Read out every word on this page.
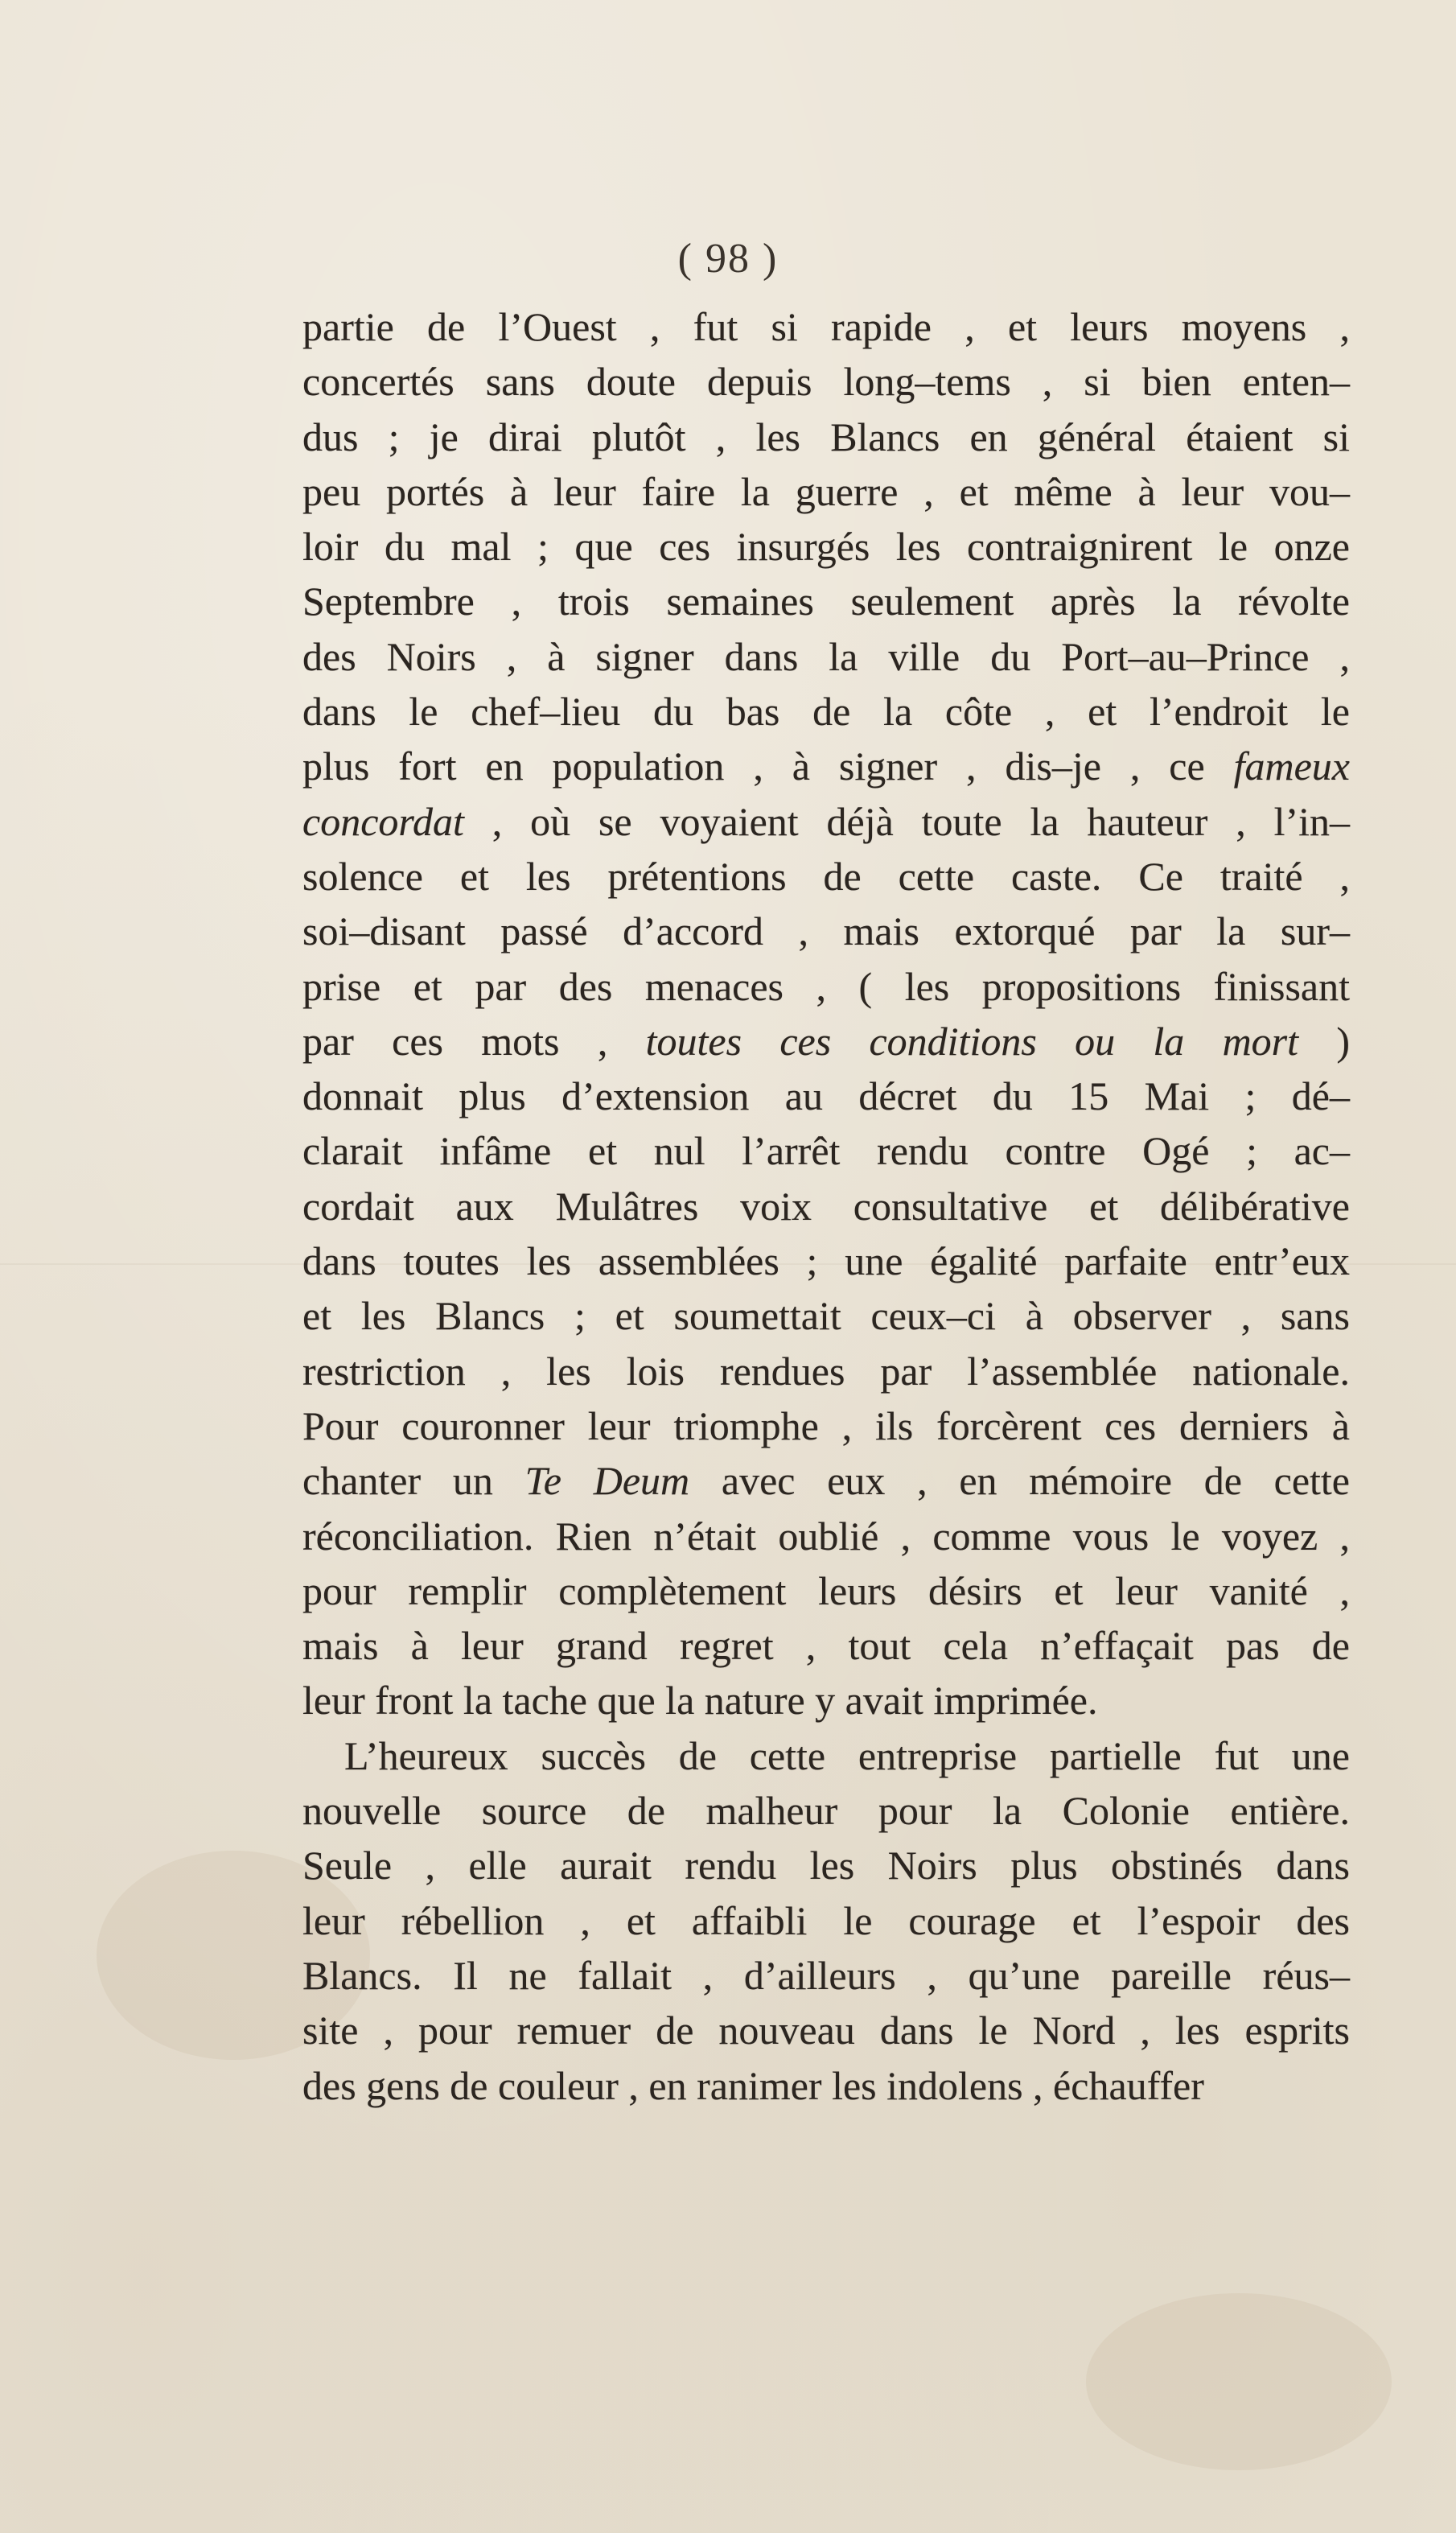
( 98 )
partie de l’Ouest , fut si rapide , et leurs moyens ,
concertés sans doute depuis long–tems , si bien enten–
dus ; je dirai plutôt , les Blancs en général étaient si
peu portés à leur faire la guerre , et même à leur vou–
loir du mal ; que ces insurgés les contraignirent le onze
Septembre , trois semaines seulement après la révolte
des Noirs , à signer dans la ville du Port–au–Prince ,
dans le chef–lieu du bas de la côte , et l’endroit le
plus fort en population , à signer , dis–je , ce fameux
concordat , où se voyaient déjà toute la hauteur , l’in–
solence et les prétentions de cette caste. Ce traité ,
soi–disant passé d’accord , mais extorqué par la sur–
prise et par des menaces , ( les propositions finissant
par ces mots , toutes ces conditions ou la mort )
donnait plus d’extension au décret du 15 Mai ; dé–
clarait infâme et nul l’arrêt rendu contre Ogé ; ac–
cordait aux Mulâtres voix consultative et délibérative
dans toutes les assemblées ; une égalité parfaite entr’eux
et les Blancs ; et soumettait ceux–ci à observer , sans
restriction , les lois rendues par l’assemblée nationale.
Pour couronner leur triomphe , ils forcèrent ces derniers à
chanter un Te Deum avec eux , en mémoire de cette
réconciliation. Rien n’était oublié , comme vous le voyez ,
pour remplir complètement leurs désirs et leur vanité ,
mais à leur grand regret , tout cela n’effaçait pas de
leur front la tache que la nature y avait imprimée.
L’heureux succès de cette entreprise partielle fut une
nouvelle source de malheur pour la Colonie entière.
Seule , elle aurait rendu les Noirs plus obstinés dans
leur rébellion , et affaibli le courage et l’espoir des
Blancs. Il ne fallait , d’ailleurs , qu’une pareille réus–
site , pour remuer de nouveau dans le Nord , les esprits
des gens de couleur , en ranimer les indolens , échauffer
